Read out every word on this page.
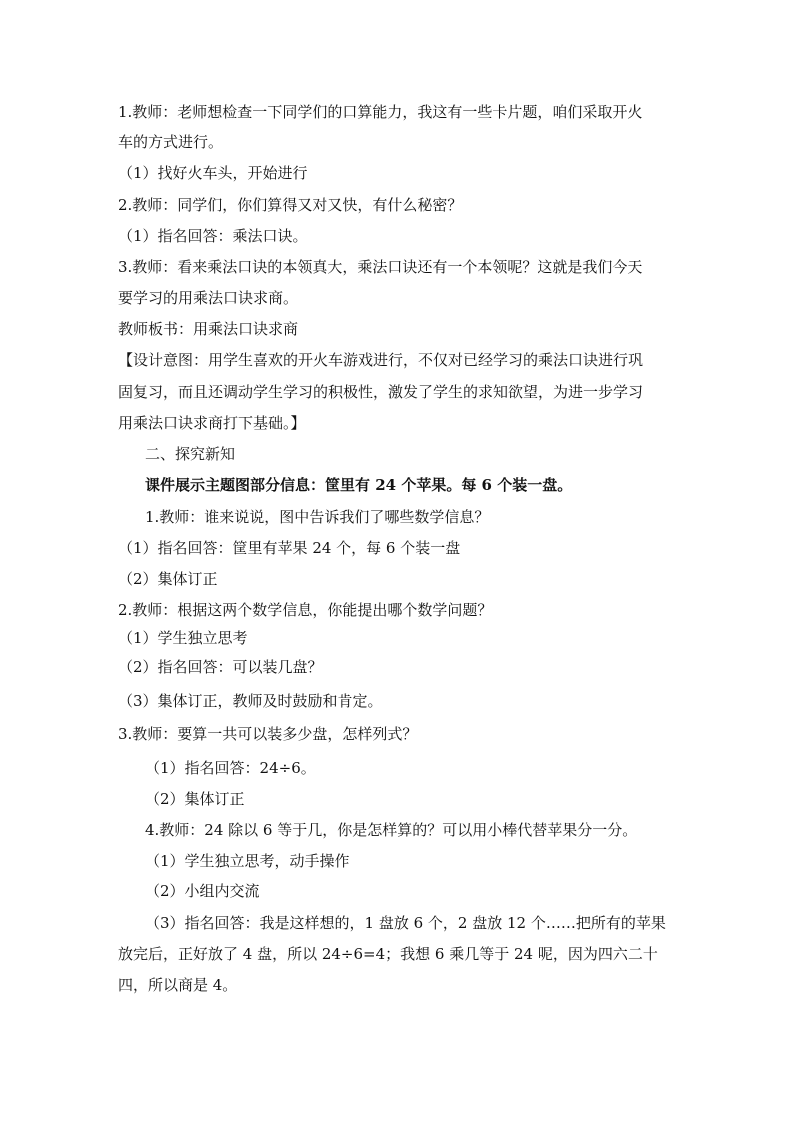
1.教师：老师想检查一下同学们的口算能力，我这有一些卡片题，咱们采取开火
车的方式进行。
（1）找好火车头，开始进行
2.教师：同学们，你们算得又对又快，有什么秘密？
（1）指名回答：乘法口诀。
3.教师：看来乘法口诀的本领真大，乘法口诀还有一个本领呢？这就是我们今天
要学习的用乘法口诀求商。
教师板书：用乘法口诀求商
【设计意图：用学生喜欢的开火车游戏进行，不仅对已经学习的乘法口诀进行巩
固复习，而且还调动学生学习的积极性，激发了学生的求知欲望，为进一步学习
用乘法口诀求商打下基础。】
二、探究新知
课件展示主题图部分信息：筐里有 24 个苹果。每 6 个装一盘。
1.教师：谁来说说，图中告诉我们了哪些数学信息？
（1）指名回答：筐里有苹果 24 个，每 6 个装一盘
（2）集体订正
2.教师：根据这两个数学信息，你能提出哪个数学问题？
（1）学生独立思考
（2）指名回答：可以装几盘？
（3）集体订正，教师及时鼓励和肯定。
3.教师：要算一共可以装多少盘，怎样列式？
（1）指名回答：24÷6。
（2）集体订正
4.教师：24 除以 6 等于几，你是怎样算的？可以用小棒代替苹果分一分。
（1）学生独立思考，动手操作
（2）小组内交流
（3）指名回答：我是这样想的，1 盘放 6 个，2 盘放 12 个……把所有的苹果
放完后，正好放了 4 盘，所以 24÷6=4；我想 6 乘几等于 24 呢，因为四六二十
四，所以商是 4。
